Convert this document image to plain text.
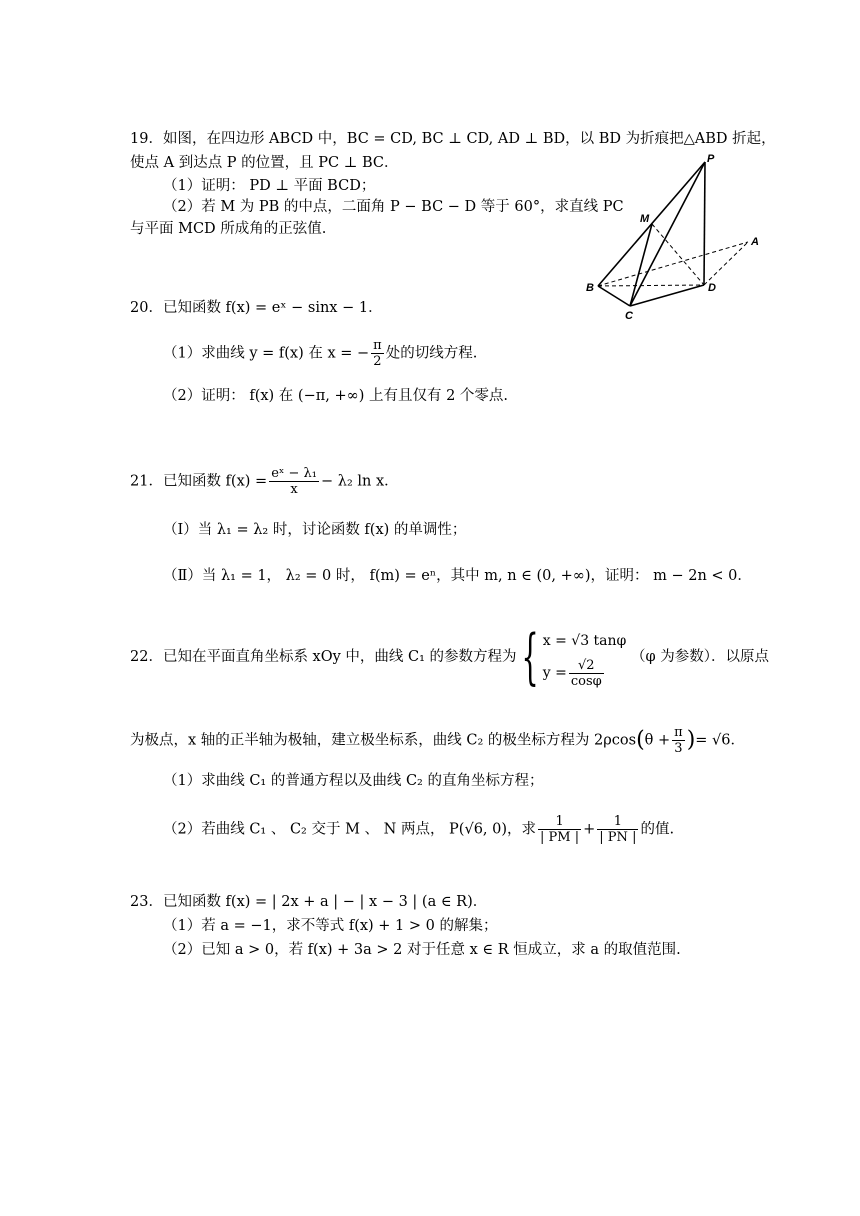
19．如图，在四边形 ABCD 中，BC = CD, BC ⊥ CD, AD ⊥ BD，以 BD 为折痕把△ABD 折起，
使点 A 到达点 P 的位置，且 PC ⊥ BC．
（1）证明： PD ⊥ 平面 BCD；
（2）若 M 为 PB 的中点，二面角 P − BC − D 等于 60°，求直线 PC
与平面 MCD 所成角的正弦值.
P
M
A
B	D
C
20．已知函数 f(x) = eˣ − sinx − 1．
（1）求曲线 y = f(x) 在 x = − $\frac{\pi}{2}$ 处的切线方程.
（2）证明： f(x) 在 (−π, +∞) 上有且仅有 2 个零点.
21．已知函数 $f(x) = \frac{\text{eˣ − λ₁}}{x} - \lambda_2$ ln x．
（Ⅰ）当 λ₁ = λ₂ 时，讨论函数 f(x) 的单调性；
（Ⅱ）当 λ₁ = 1， λ₂ = 0 时， f(m) = eⁿ，其中 m, n ∈ (0, +∞)，证明： m − 2n < 0．
22．已知在平面直角坐标系 xOy 中，曲线 C₁ 的参数方程为{ x = √3 tanφ
$y = \frac{√2}{\cos\varphi}$
（φ 为参数）．以原点
为极点，x 轴的正半轴为极轴，建立极坐标系，曲线 C₂ 的极坐标方程为 $2\rho\cos(\theta + \frac{\pi}{3}$ )= √6．
（1）求曲线 C₁ 的普通方程以及曲线 C₂ 的直角坐标方程；
（2）若曲线 C₁ 、 C₂ 交于 M 、 N 两点， P(√6, 0)，求 $\frac{1}{| PM |} + \frac{1}{| PN |}$ 的值.
23．已知函数 f(x) = | 2x + a | − | x − 3 | (a ∈ R)．
（1）若 a = −1，求不等式 f(x) + 1 > 0 的解集；
（2）已知 a > 0，若 f(x) + 3a > 2 对于任意 x ∈ R 恒成立，求 a 的取值范围.
